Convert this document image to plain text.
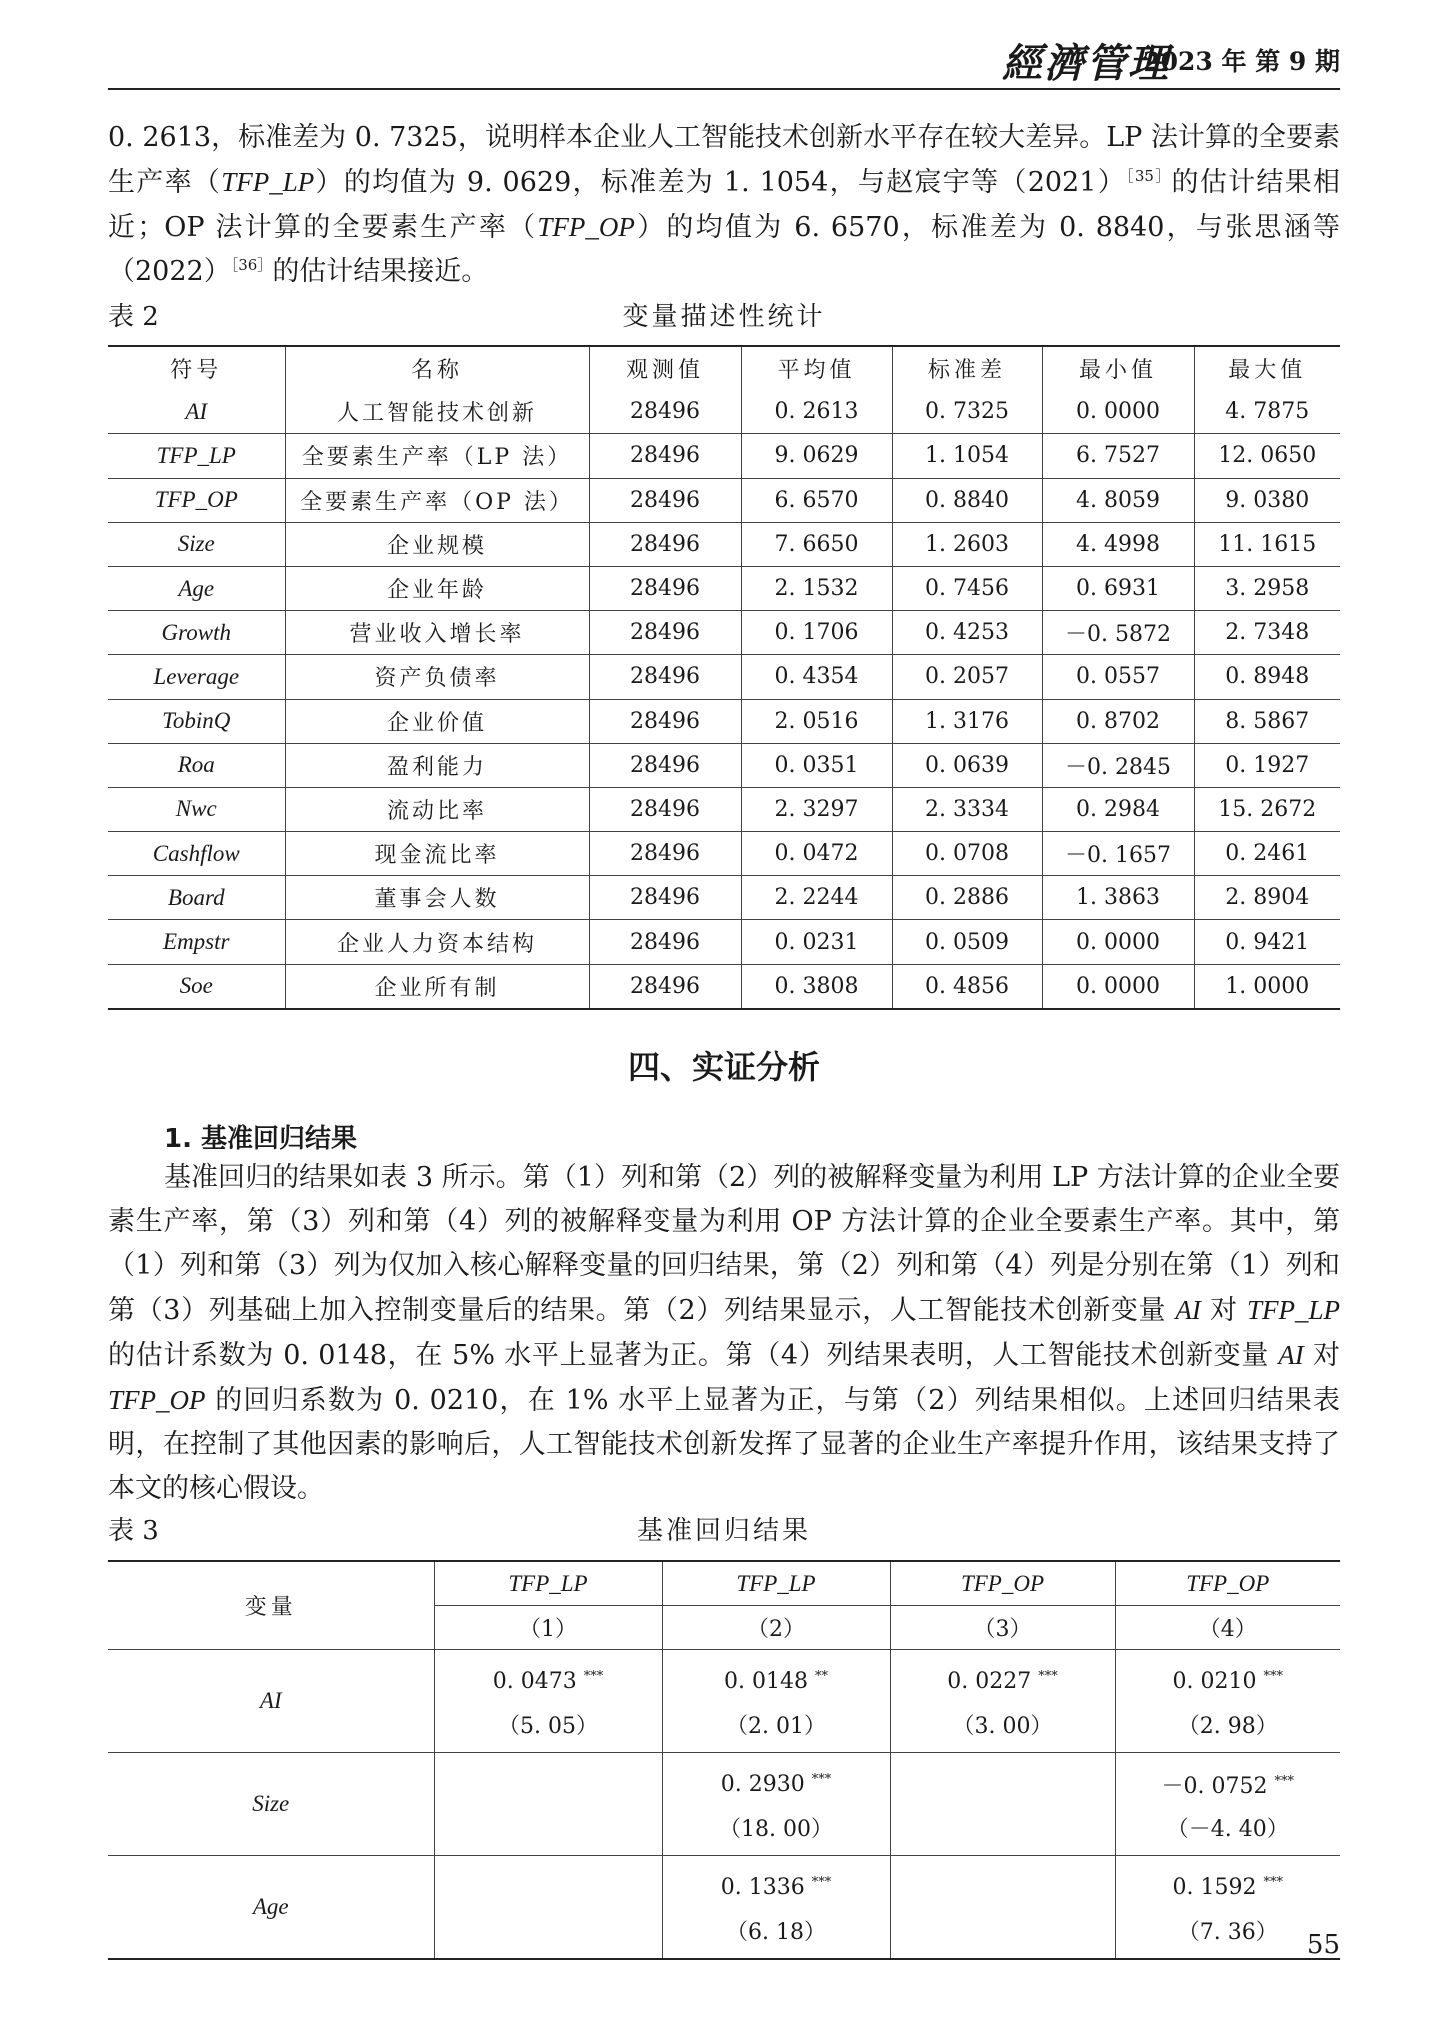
經濟管理
2023 年 第 9 期

0. 2613，标准差为 0. 7325，说明样本企业人工智能技术创新水平存在较大差异。LP 法计算的全要素生产率（TFP_LP）的均值为 9. 0629，标准差为 1. 1054，与赵宸宇等$(2021)^{[35]}$的估计结果相近；OP 法计算的全要素生产率（TFP_OP）的均值为 6. 6570，标准差为 0. 8840，与张思涵等$(2022)^{[36]}$的估计结果接近。

表 2	变量描述性统计
符号	名称	观测值	平均值	标准差	最小值	最大值
AI	人工智能技术创新	28496	0. 2613	0. 7325	0. 0000	4. 7875
TFP_LP	全要素生产率（LP 法）	28496	9. 0629	1. 1054	6. 7527	12. 0650
TFP_OP	全要素生产率（OP 法）	28496	6. 6570	0. 8840	4. 8059	9. 0380
Size	企业规模	28496	7. 6650	1. 2603	4. 4998	11. 1615
Age	企业年龄	28496	2. 1532	0. 7456	0. 6931	3. 2958
Growth	营业收入增长率	28496	0. 1706	0. 4253	－0. 5872	2. 7348
Leverage	资产负债率	28496	0. 4354	0. 2057	0. 0557	0. 8948
TobinQ	企业价值	28496	2. 0516	1. 3176	0. 8702	8. 5867
Roa	盈利能力	28496	0. 0351	0. 0639	－0. 2845	0. 1927
Nwc	流动比率	28496	2. 3297	2. 3334	0. 2984	15. 2672
Cashflow	现金流比率	28496	0. 0472	0. 0708	－0. 1657	0. 2461
Board	董事会人数	28496	2. 2244	0. 2886	1. 3863	2. 8904
Empstr	企业人力资本结构	28496	0. 0231	0. 0509	0. 0000	0. 9421
Soe	企业所有制	28496	0. 3808	0. 4856	0. 0000	1. 0000
四、实证分析
1. 基准回归结果

基准回归的结果如表 3 所示。第（1）列和第（2）列的被解释变量为利用 LP 方法计算的企业全要素生产率，第（3）列和第（4）列的被解释变量为利用 OP 方法计算的企业全要素生产率。其中，第（1）列和第（3）列为仅加入核心解释变量的回归结果，第（2）列和第（4）列是分别在第（1）列和第（3）列基础上加入控制变量后的结果。第（2）列结果显示，人工智能技术创新变量 AI 对 TFP_LP 的估计系数为 0. 0148，在 5% 水平上显著为正。第（4）列结果表明，人工智能技术创新变量 AI 对 TFP_OP 的回归系数为 0. 0210，在 1% 水平上显著为正，与第（2）列结果相似。上述回归结果表明，在控制了其他因素的影响后，人工智能技术创新发挥了显著的企业生产率提升作用，该结果支持了本文的核心假设。

表 3	基准回归结果
变量	TFP_LP	TFP_LP	TFP_OP	TFP_OP
	（1）	（2）	（3）	（4）
AI	0. 0473 ***	0. 0148 **	0. 0227 ***	0. 0210 ***
	（5. 05）	（2. 01）	（3. 00）	（2. 98）
Size		0. 2930 ***		－0. 0752 ***
		（18. 00）		（－4. 40）
Age		0. 1336 ***		0. 1592 ***
		（6. 18）		（7. 36） 55
